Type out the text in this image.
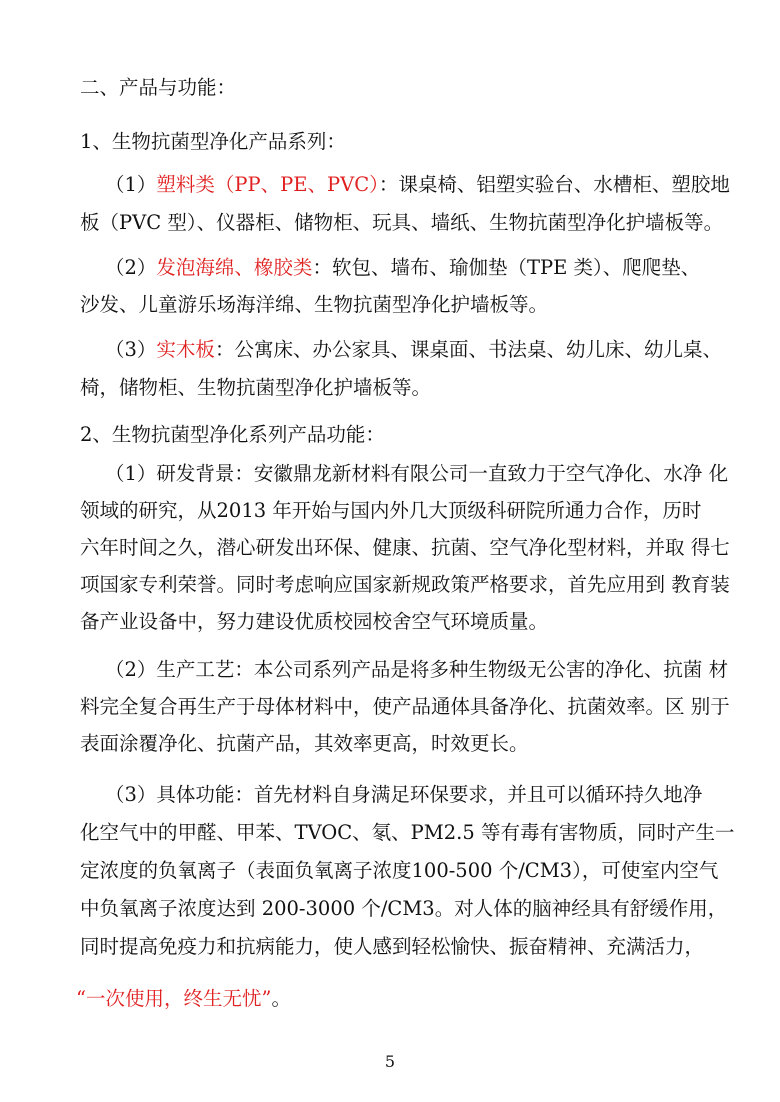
二、产品与功能：
1、生物抗菌型净化产品系列：
（1）塑料类（PP、PE、PVC）：课桌椅、铝塑实验台、水槽柜、塑胶地
板（PVC 型）、仪器柜、储物柜、玩具、墙纸、生物抗菌型净化护墙板等。
（2）发泡海绵、橡胶类：软包、墙布、瑜伽垫（TPE 类）、爬爬垫、
沙发、儿童游乐场海洋绵、生物抗菌型净化护墙板等。
（3）实木板：公寓床、办公家具、课桌面、书法桌、幼儿床、幼儿桌、
椅，储物柜、生物抗菌型净化护墙板等。
2、生物抗菌型净化系列产品功能：
（1）研发背景：安徽鼎龙新材料有限公司一直致力于空气净化、水净 化
领域的研究，从2013 年开始与国内外几大顶级科研院所通力合作，历时
六年时间之久，潜心研发出环保、健康、抗菌、空气净化型材料，并取 得七
项国家专利荣誉。同时考虑响应国家新规政策严格要求，首先应用到 教育装
备产业设备中，努力建设优质校园校舍空气环境质量。
（2）生产工艺：本公司系列产品是将多种生物级无公害的净化、抗菌 材
料完全复合再生产于母体材料中，使产品通体具备净化、抗菌效率。区 别于
表面涂覆净化、抗菌产品，其效率更高，时效更长。
（3）具体功能：首先材料自身满足环保要求，并且可以循环持久地净
化空气中的甲醛、甲苯、TVOC、氡、PM2.5 等有毒有害物质，同时产生一
定浓度的负氧离子（表面负氧离子浓度100-500 个/CM3），可使室内空气
中负氧离子浓度达到 200-3000 个/CM3。对人体的脑神经具有舒缓作用，
同时提高免疫力和抗病能力，使人感到轻松愉快、振奋精神、充满活力，
“一次使用，终生无忧”。
5
